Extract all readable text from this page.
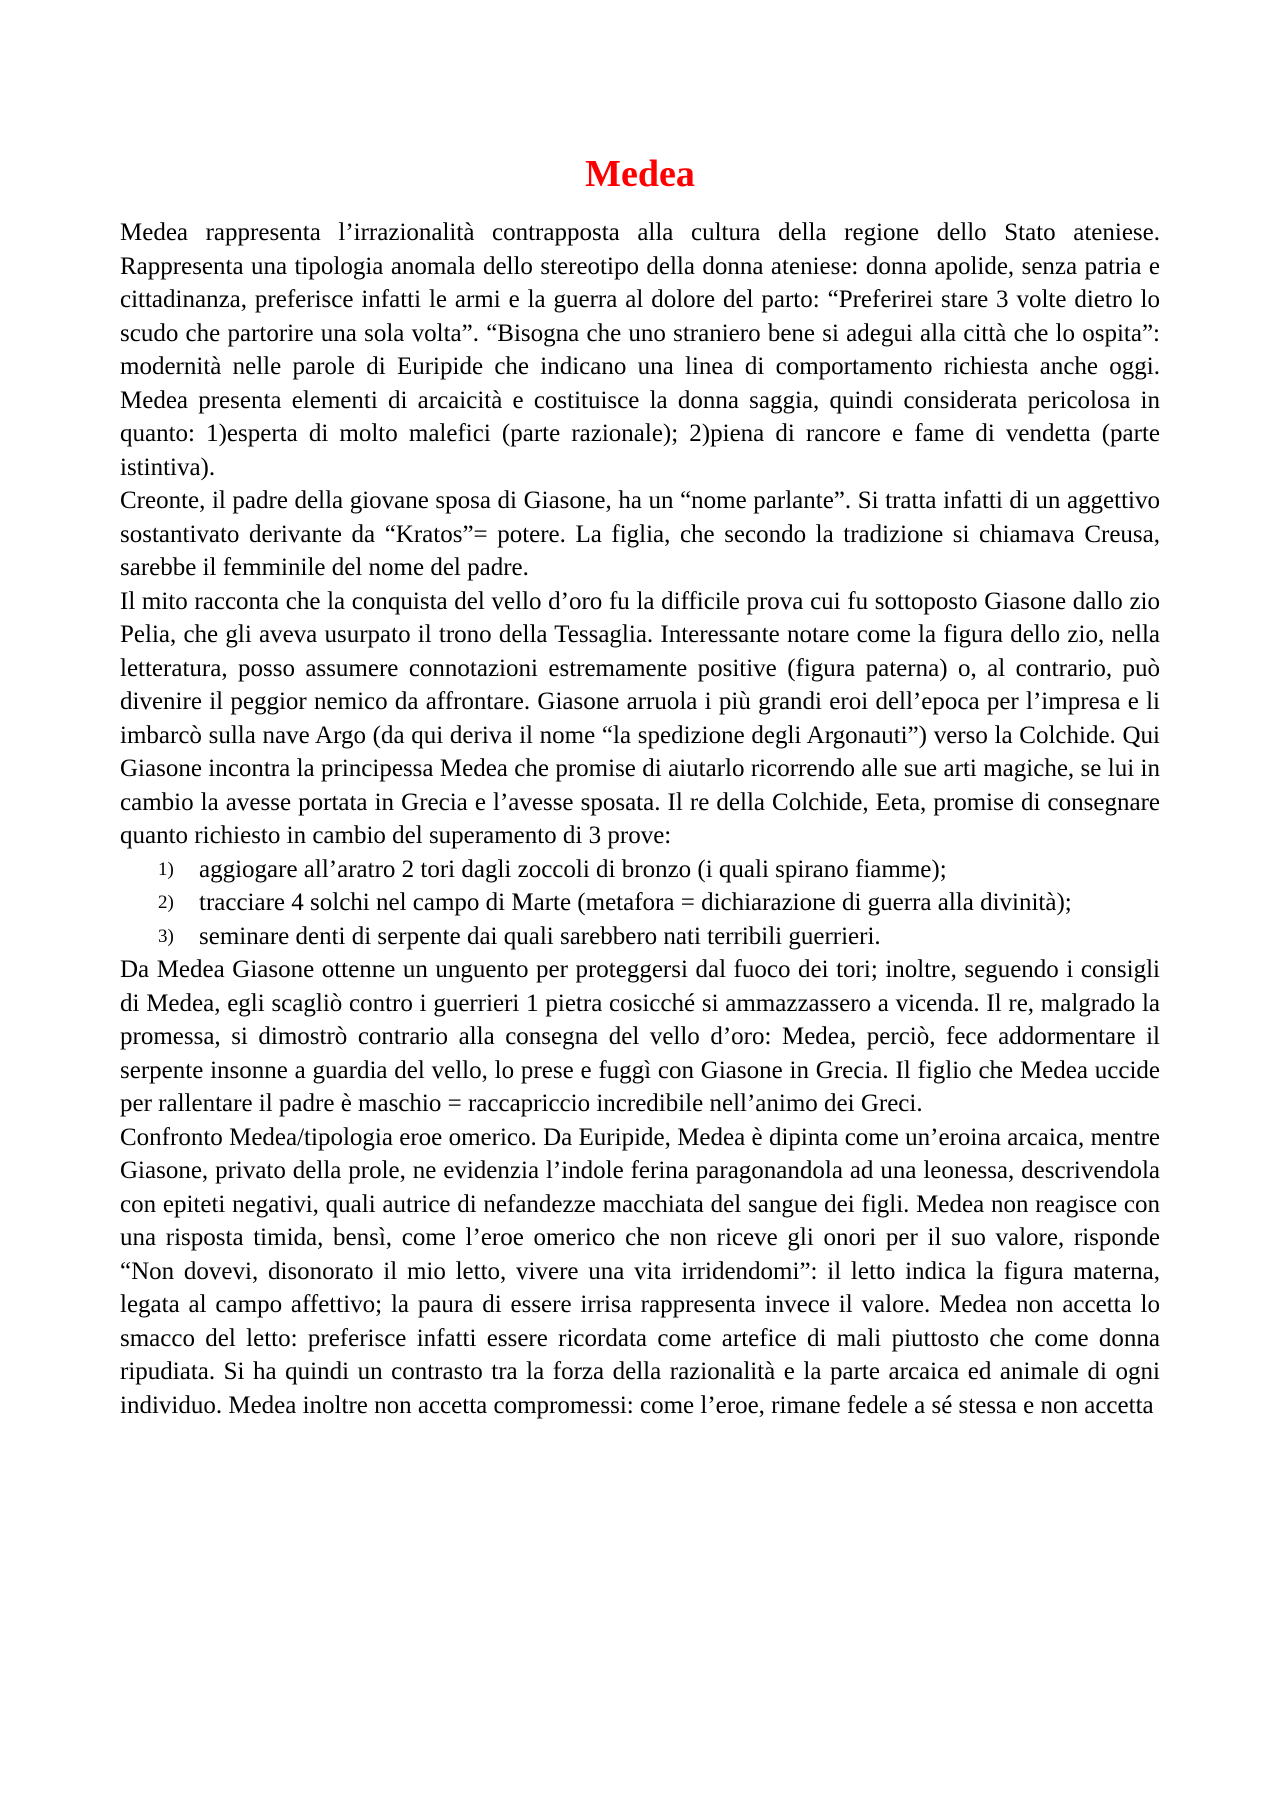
Medea

Medea rappresenta l’irrazionalità contrapposta alla cultura della regione dello Stato ateniese. Rappresenta una tipologia anomala dello stereotipo della donna ateniese: donna apolide, senza patria e cittadinanza, preferisce infatti le armi e la guerra al dolore del parto: “Preferirei stare 3 volte dietro lo scudo che partorire una sola volta”. “Bisogna che uno straniero bene si adegui alla città che lo ospita”: modernità nelle parole di Euripide che indicano una linea di comportamento richiesta anche oggi. Medea presenta elementi di arcaicità e costituisce la donna saggia, quindi considerata pericolosa in quanto: 1)esperta di molto malefici (parte razionale); 2)piena di rancore e fame di vendetta (parte istintiva).

Creonte, il padre della giovane sposa di Giasone, ha un “nome parlante”. Si tratta infatti di un aggettivo sostantivato derivante da “Kratos”= potere. La figlia, che secondo la tradizione si chiamava Creusa, sarebbe il femminile del nome del padre.

Il mito racconta che la conquista del vello d’oro fu la difficile prova cui fu sottoposto Giasone dallo zio Pelia, che gli aveva usurpato il trono della Tessaglia. Interessante notare come la figura dello zio, nella letteratura, posso assumere connotazioni estremamente positive (figura paterna) o, al contrario, può divenire il peggior nemico da affrontare. Giasone arruola i più grandi eroi dell’epoca per l’impresa e li imbarcò sulla nave Argo (da qui deriva il nome “la spedizione degli Argonauti”) verso la Colchide. Qui Giasone incontra la principessa Medea che promise di aiutarlo ricorrendo alle sue arti magiche, se lui in cambio la avesse portata in Grecia e l’avesse sposata. Il re della Colchide, Eeta, promise di consegnare quanto richiesto in cambio del superamento di 3 prove:

1) aggiogare all’aratro 2 tori dagli zoccoli di bronzo (i quali spirano fiamme);
2) tracciare 4 solchi nel campo di Marte (metafora = dichiarazione di guerra alla divinità);
3) seminare denti di serpente dai quali sarebbero nati terribili guerrieri.

Da Medea Giasone ottenne un unguento per proteggersi dal fuoco dei tori; inoltre, seguendo i consigli di Medea, egli scagliò contro i guerrieri 1 pietra cosicché si ammazzassero a vicenda. Il re, malgrado la promessa, si dimostrò contrario alla consegna del vello d’oro: Medea, perciò, fece addormentare il serpente insonne a guardia del vello, lo prese e fuggì con Giasone in Grecia. Il figlio che Medea uccide per rallentare il padre è maschio = raccapriccio incredibile nell’animo dei Greci.

Confronto Medea/tipologia eroe omerico. Da Euripide, Medea è dipinta come un’eroina arcaica, mentre Giasone, privato della prole, ne evidenzia l’indole ferina paragonandola ad una leonessa, descrivendola con epiteti negativi, quali autrice di nefandezze macchiata del sangue dei figli. Medea non reagisce con una risposta timida, bensì, come l’eroe omerico che non riceve gli onori per il suo valore, risponde “Non dovevi, disonorato il mio letto, vivere una vita irridendomi”: il letto indica la figura materna, legata al campo affettivo; la paura di essere irrisa rappresenta invece il valore. Medea non accetta lo smacco del letto: preferisce infatti essere ricordata come artefice di mali piuttosto che come donna ripudiata. Si ha quindi un contrasto tra la forza della razionalità e la parte arcaica ed animale di ogni individuo. Medea inoltre non accetta compromessi: come l’eroe, rimane fedele a sé stessa e non accetta
